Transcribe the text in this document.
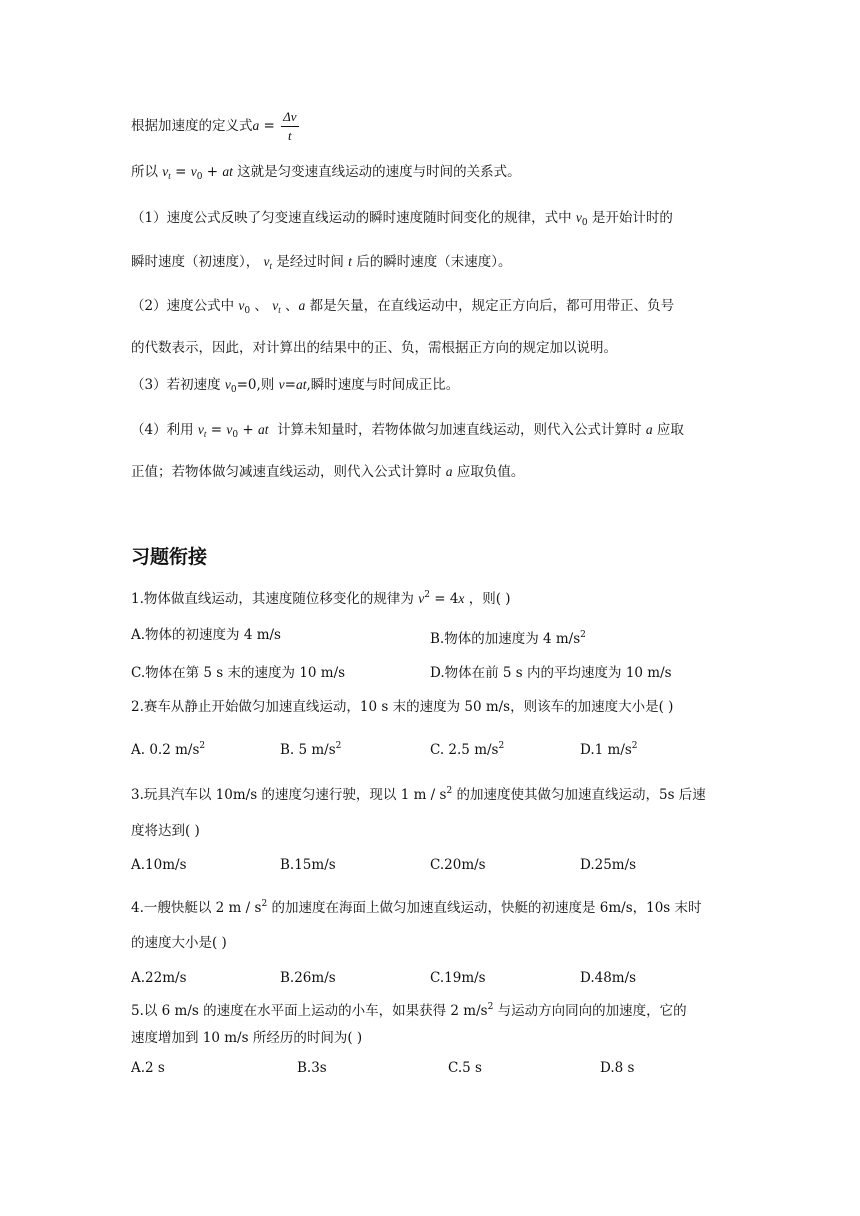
根据加速度的定义式$a = \frac{\Delta v}{t}$
所以 $v_t = v_0$ + at 这就是匀变速直线运动的速度与时间的关系式。
（1）速度公式反映了匀变速直线运动的瞬时速度随时间变化的规律，式中 $v_0$ 是开始计时的
瞬时速度（初速度）， $v_t$ 是经过时间 t 后的瞬时速度（末速度）。
（2）速度公式中 $v_0$ 、 $v_t$ 、a 都是矢量，在直线运动中，规定正方向后，都可用带正、负号
的代数表示，因此，对计算出的结果中的正、负，需根据正方向的规定加以说明。
（3）若初速度 $v_0=0$,则 v=at,瞬时速度与时间成正比。
（4）利用 $v_t = v_0$ + at 计算未知量时，若物体做匀加速直线运动，则代入公式计算时 a 应取
正值；若物体做匀减速直线运动，则代入公式计算时 a 应取负值。
习题衔接
1.物体做直线运动，其速度随位移变化的规律为 $v^2 = 4x$ ，则( )
A.物体的初速度为 4 m/s	B.物体的加速度为 4 $m/s^2$
C.物体在第 5 s 末的速度为 10 m/s	D.物体在前 5 s 内的平均速度为 10 m/s
2.赛车从静止开始做匀加速直线运动，10 s 末的速度为 50 m/s，则该车的加速度大小是( )
A. 0.2 $m/s^2$	B. 5 $m/s^2$	C. 2.5 $m/s^2$	D.1 $m/s^2$
3.玩具汽车以 10m/s 的速度匀速行驶，现以 1 m / $s^2$ 的加速度使其做匀加速直线运动，5s 后速
度将达到( )
A.10m/s	B.15m/s	C.20m/s	D.25m/s
4.一艘快艇以 2 m / $s^2$ 的加速度在海面上做匀加速直线运动，快艇的初速度是 6m/s，10s 末时
的速度大小是( )
A.22m/s	B.26m/s	C.19m/s	D.48m/s
5.以 6 m/s 的速度在水平面上运动的小车，如果获得 2 $m/s^2$ 与运动方向同向的加速度，它的
速度增加到 10 m/s 所经历的时间为( )
A.2 s	B.3s	C.5 s	D.8 s
